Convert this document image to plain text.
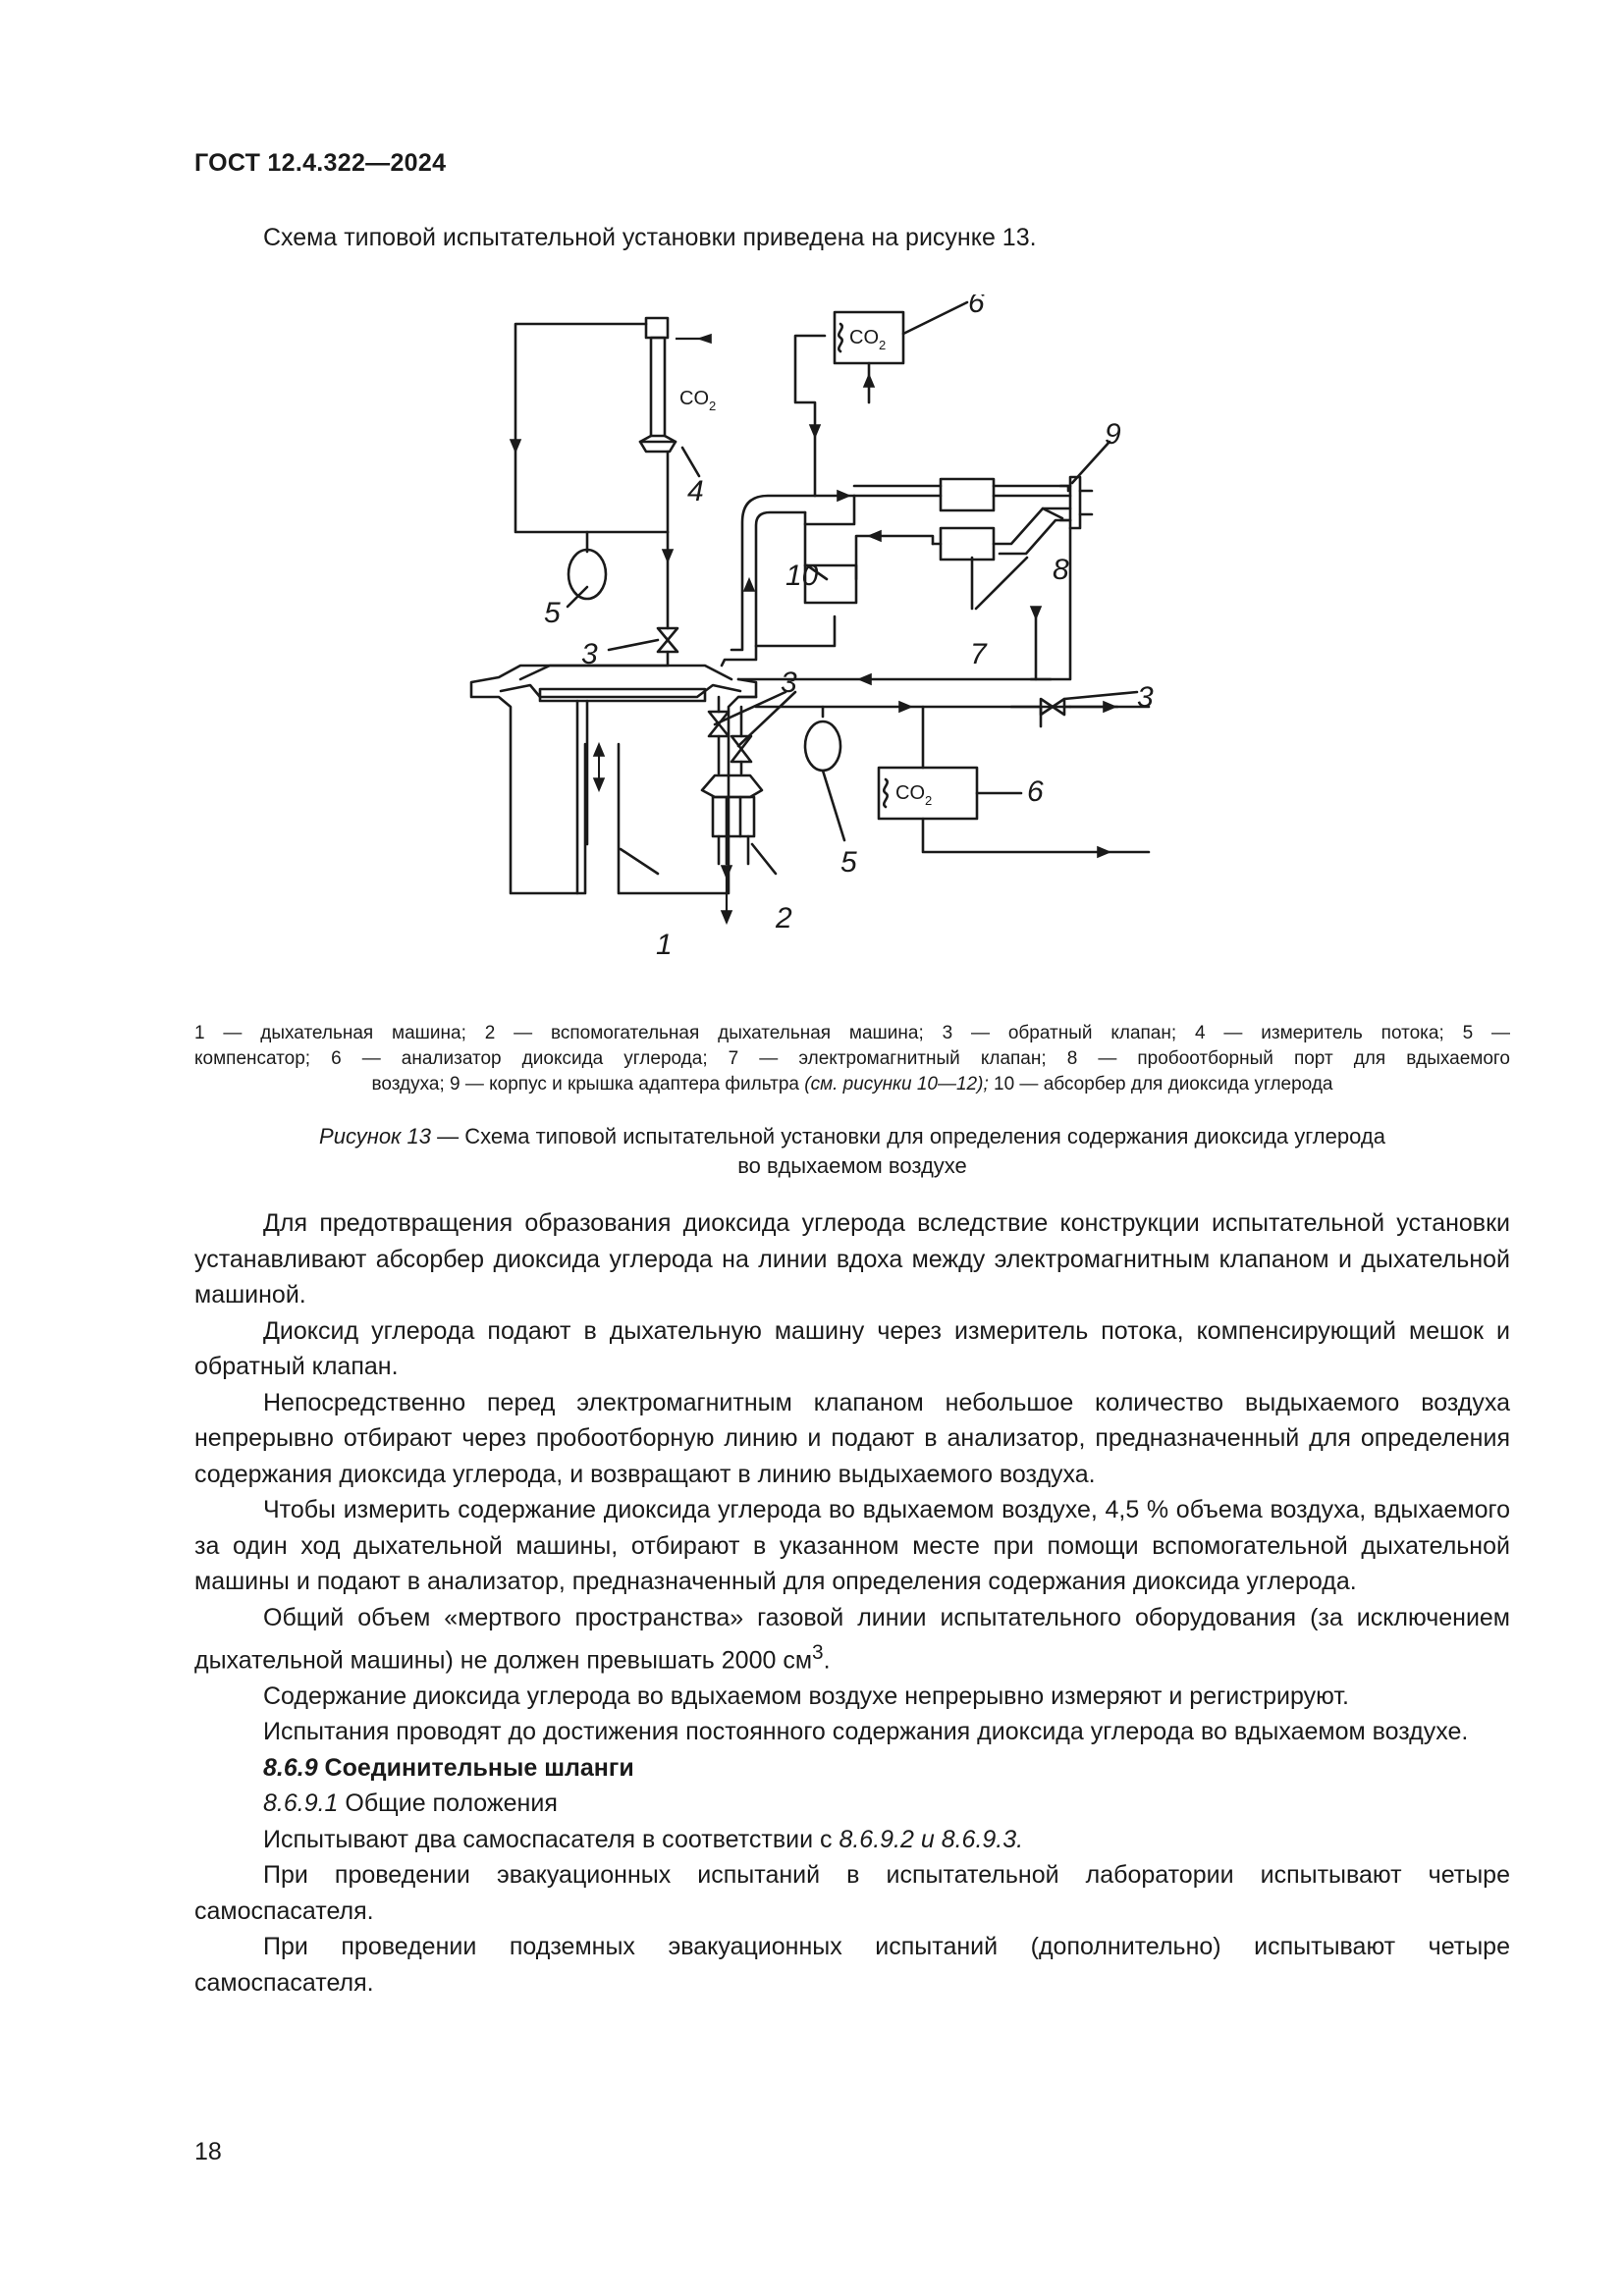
ГОСТ 12.4.322—2024
Схема типовой испытательной установки приведена на рисунке 13.
4
5
3
6
9
8
10
7
3	3
6
5
2
1
$CO_2$
$CO_2$
$CO_2$
1 — дыхательная машина; 2 — вспомогательная дыхательная машина; 3 — обратный клапан; 4 — измеритель потока; 5 —
компенсатор; 6 — анализатор диоксида углерода; 7 — электромагнитный клапан; 8 — пробоотборный порт для вдыхаемого
воздуха; 9 — корпус и крышка адаптера фильтра (см. рисунки 10—12); 10 — абсорбер для диоксида углерода
Рисунок 13 — Схема типовой испытательной установки для определения содержания диоксида углерода
во вдыхаемом воздухе

Для предотвращения образования диоксида углерода вследствие конструкции испытательной установки устанавливают абсорбер диоксида углерода на линии вдоха между электромагнитным клапаном и дыхательной машиной.

Диоксид углерода подают в дыхательную машину через измеритель потока, компенсирующий мешок и обратный клапан.

Непосредственно перед электромагнитным клапаном небольшое количество выдыхаемого воздуха непрерывно отбирают через пробоотборную линию и подают в анализатор, предназначенный для определения содержания диоксида углерода, и возвращают в линию выдыхаемого воздуха.

Чтобы измерить содержание диоксида углерода во вдыхаемом воздухе, 4,5 % объема воздуха, вдыхаемого за один ход дыхательной машины, отбирают в указанном месте при помощи вспомогательной дыхательной машины и подают в анализатор, предназначенный для определения содержания диоксида углерода.

Общий объем «мертвого пространства» газовой линии испытательного оборудования (за исключением дыхательной машины) не должен превышать 2000 $см^3$.

Содержание диоксида углерода во вдыхаемом воздухе непрерывно измеряют и регистрируют.

Испытания проводят до достижения постоянного содержания диоксида углерода во вдыхаемом воздухе.

8.6.9 Соединительные шланги

8.6.9.1 Общие положения

Испытывают два самоспасателя в соответствии с 8.6.9.2 и 8.6.9.3.

При проведении эвакуационных испытаний в испытательной лаборатории испытывают четыре самоспасателя.

При проведении подземных эвакуационных испытаний (дополнительно) испытывают четыре самоспасателя.

18
